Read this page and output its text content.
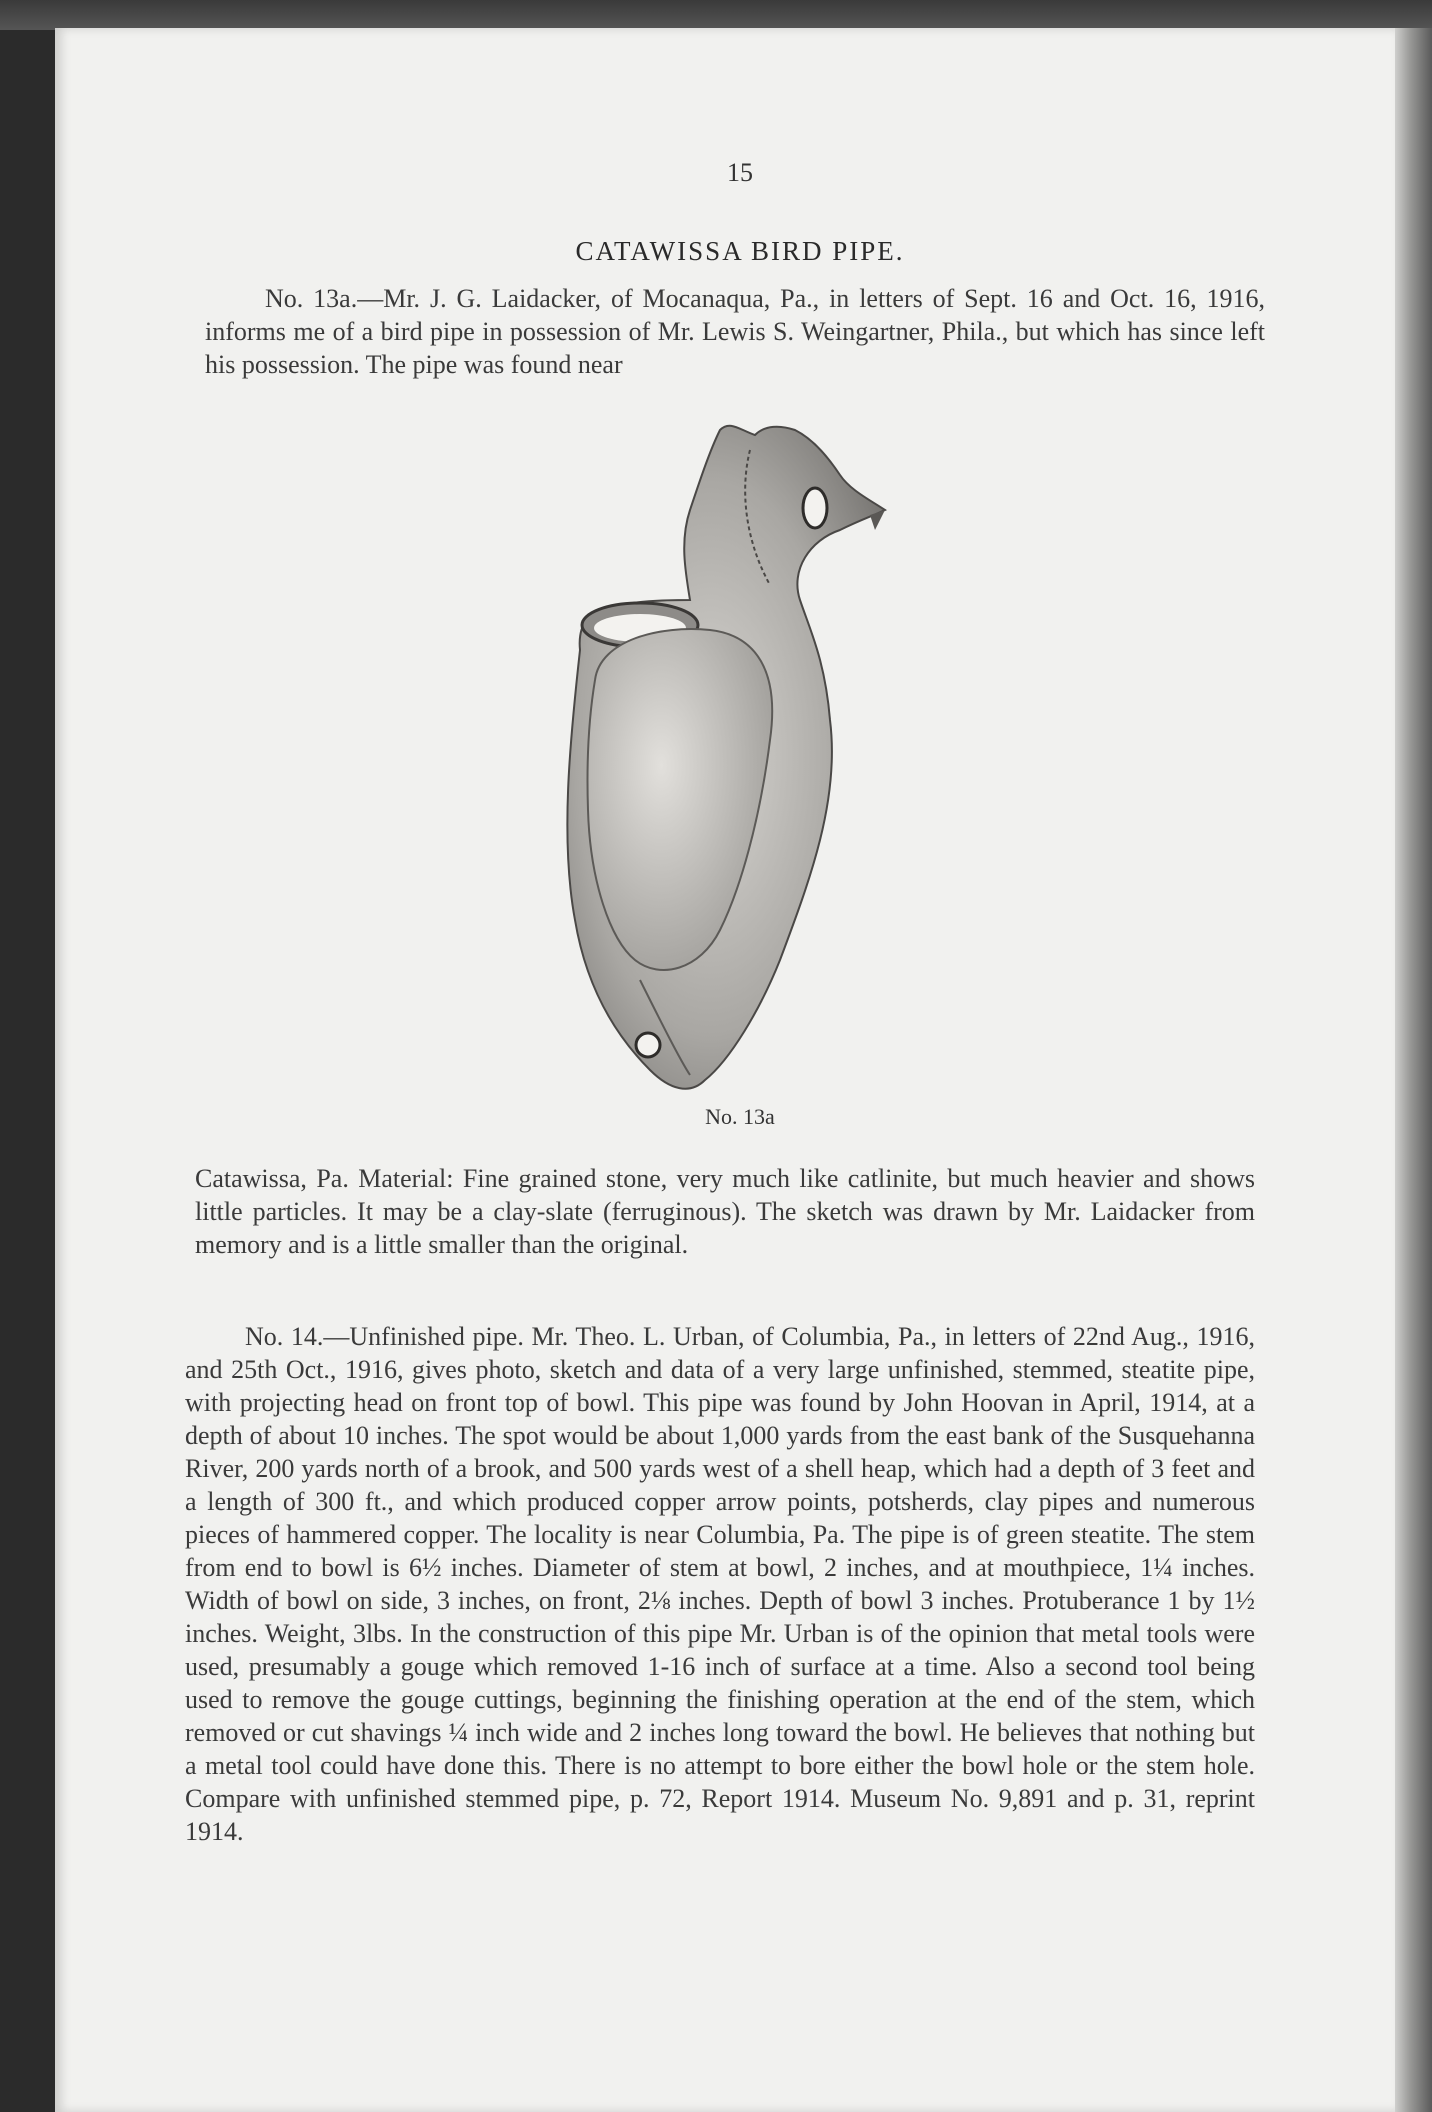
15
CATAWISSA BIRD PIPE.
No. 13a.—Mr. J. G. Laidacker, of Mocanaqua, Pa., in letters of Sept. 16 and Oct. 16, 1916, informs me of a bird pipe in possession of Mr. Lewis S. Weingartner, Phila., but which has since left his possession. The pipe was found near
No. 13a
Catawissa, Pa. Material: Fine grained stone, very much like catlinite, but much heavier and shows little particles. It may be a clay-slate (ferruginous). The sketch was drawn by Mr. Laidacker from memory and is a little smaller than the original.
No. 14.—Unfinished pipe. Mr. Theo. L. Urban, of Columbia, Pa., in letters of 22nd Aug., 1916, and 25th Oct., 1916, gives photo, sketch and data of a very large unfinished, stemmed, steatite pipe, with projecting head on front top of bowl. This pipe was found by John Hoovan in April, 1914, at a depth of about 10 inches. The spot would be about 1,000 yards from the east bank of the Susquehanna River, 200 yards north of a brook, and 500 yards west of a shell heap, which had a depth of 3 feet and a length of 300 ft., and which produced copper arrow points, potsherds, clay pipes and numerous pieces of hammered copper. The locality is near Columbia, Pa. The pipe is of green steatite. The stem from end to bowl is 6½ inches. Diameter of stem at bowl, 2 inches, and at mouthpiece, 1¼ inches. Width of bowl on side, 3 inches, on front, 2⅛ inches. Depth of bowl 3 inches. Protuberance 1 by 1½ inches. Weight, 3lbs. In the construction of this pipe Mr. Urban is of the opinion that metal tools were used, presumably a gouge which removed 1-16 inch of surface at a time. Also a second tool being used to remove the gouge cuttings, beginning the finishing operation at the end of the stem, which removed or cut shavings ¼ inch wide and 2 inches long toward the bowl. He believes that nothing but a metal tool could have done this. There is no attempt to bore either the bowl hole or the stem hole. Compare with unfinished stemmed pipe, p. 72, Report 1914. Museum No. 9,891 and p. 31, reprint 1914.
